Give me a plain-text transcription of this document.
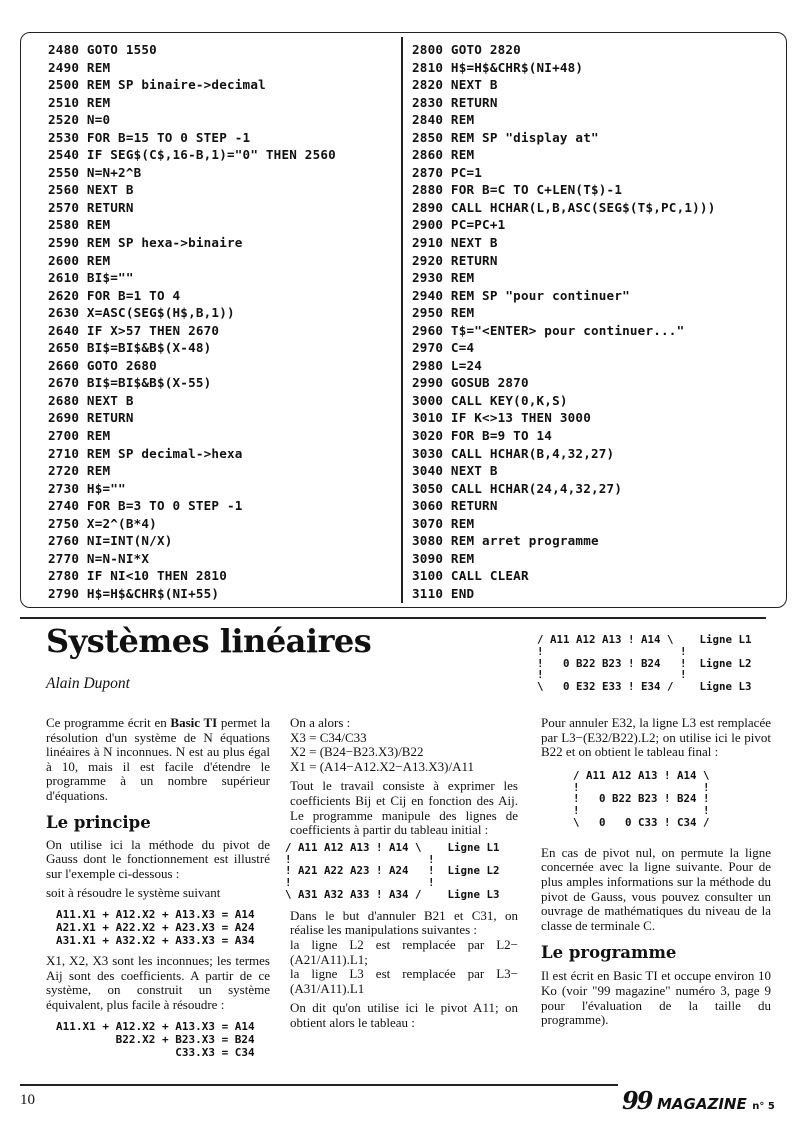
2480 GOTO 1550
2490 REM
2500 REM SP binaire->decimal
2510 REM
2520 N=0
2530 FOR B=15 TO 0 STEP -1
2540 IF SEG$(C$,16-B,1)="0" THEN 2560
2550 N=N+2^B
2560 NEXT B
2570 RETURN
2580 REM
2590 REM SP hexa->binaire
2600 REM
2610 BI$=""
2620 FOR B=1 TO 4
2630 X=ASC(SEG$(H$,B,1))
2640 IF X>57 THEN 2670
2650 BI$=BI$&B$(X-48)
2660 GOTO 2680
2670 BI$=BI$&B$(X-55)
2680 NEXT B
2690 RETURN
2700 REM
2710 REM SP decimal->hexa
2720 REM
2730 H$=""
2740 FOR B=3 TO 0 STEP -1
2750 X=2^(B*4)
2760 NI=INT(N/X)
2770 N=N-NI*X
2780 IF NI<10 THEN 2810
2790 H$=H$&CHR$(NI+55)
2800 GOTO 2820
2810 H$=H$&CHR$(NI+48)
2820 NEXT B
2830 RETURN
2840 REM
2850 REM SP "display at"
2860 REM
2870 PC=1
2880 FOR B=C TO C+LEN(T$)-1
2890 CALL HCHAR(L,B,ASC(SEG$(T$,PC,1)))
2900 PC=PC+1
2910 NEXT B
2920 RETURN
2930 REM
2940 REM SP "pour continuer"
2950 REM
2960 T$="<ENTER> pour continuer..."
2970 C=4
2980 L=24
2990 GOSUB 2870
3000 CALL KEY(0,K,S)
3010 IF K<>13 THEN 3000
3020 FOR B=9 TO 14
3030 CALL HCHAR(B,4,32,27)
3040 NEXT B
3050 CALL HCHAR(24,4,32,27)
3060 RETURN
3070 REM
3080 REM arret programme
3090 REM
3100 CALL CLEAR
3110 END
Systèmes linéaires
Alain Dupont

Ce programme écrit en Basic TI permet la résolution d'un système de N équations linéaires à N inconnues. N est au plus égal à 10, mais il est facile d'étendre le programme à un nombre supérieur d'équations.

Le principe

On utilise ici la méthode du pivot de Gauss dont le fonctionnement est illustré sur l'exemple ci-dessous :

soit à résoudre le système suivant

A11.X1 + A12.X2 + A13.X3 = A14
A21.X1 + A22.X2 + A23.X3 = A24
A31.X1 + A32.X2 + A33.X3 = A34

X1, X2, X3 sont les inconnues; les termes Aij sont des coefficients. A partir de ce système, on construit un système équivalent, plus facile à résoudre :

A11.X1 + A12.X2 + A13.X3 = A14
B22.X2 + B23.X3 = B24
C33.X3 = C34

On a alors :

X3 = C34/C33

X2 = (B24−B23.X3)/B22

X1 = (A14−A12.X2−A13.X3)/A11

Tout le travail consiste à exprimer les coefficients Bij et Cij en fonction des Aij. Le programme manipule des lignes de coefficients à partir du tableau initial :

/ A11 A12 A13 ! A14 \    Ligne L1
!                     !
! A21 A22 A23 ! A24   !  Ligne L2
!                     !
\ A31 A32 A33 ! A34 /    Ligne L3

Dans le but d'annuler B21 et C31, on réalise les manipulations suivantes :

la ligne L2 est remplacée par L2−(A21/A11).L1;

la ligne L3 est remplacée par L3−(A31/A11).L1

On dit qu'on utilise ici le pivot A11; on obtient alors le tableau :

/ A11 A12 A13 ! A14 \    Ligne L1
!                     !
!   0 B22 B23 ! B24   !  Ligne L2
!                     !
\   0 E32 E33 ! E34 /    Ligne L3

Pour annuler E32, la ligne L3 est remplacée par L3−(E32/B22).L2; on utilise ici le pivot B22 et on obtient le tableau final :

/ A11 A12 A13 ! A14 \
!                   !
!   0 B22 B23 ! B24 !
!                   !
\   0   0 C33 ! C34 /

En cas de pivot nul, on permute la ligne concernée avec la ligne suivante. Pour de plus amples informations sur la méthode du pivot de Gauss, vous pouvez consulter un ouvrage de mathématiques du niveau de la classe de terminale C.

Le programme

Il est écrit en Basic TI et occupe environ 10 Ko (voir "99 magazine" numéro 3, page 9 pour l'évaluation de la taille du programme).

10	99 MAGAZINE n° 5
